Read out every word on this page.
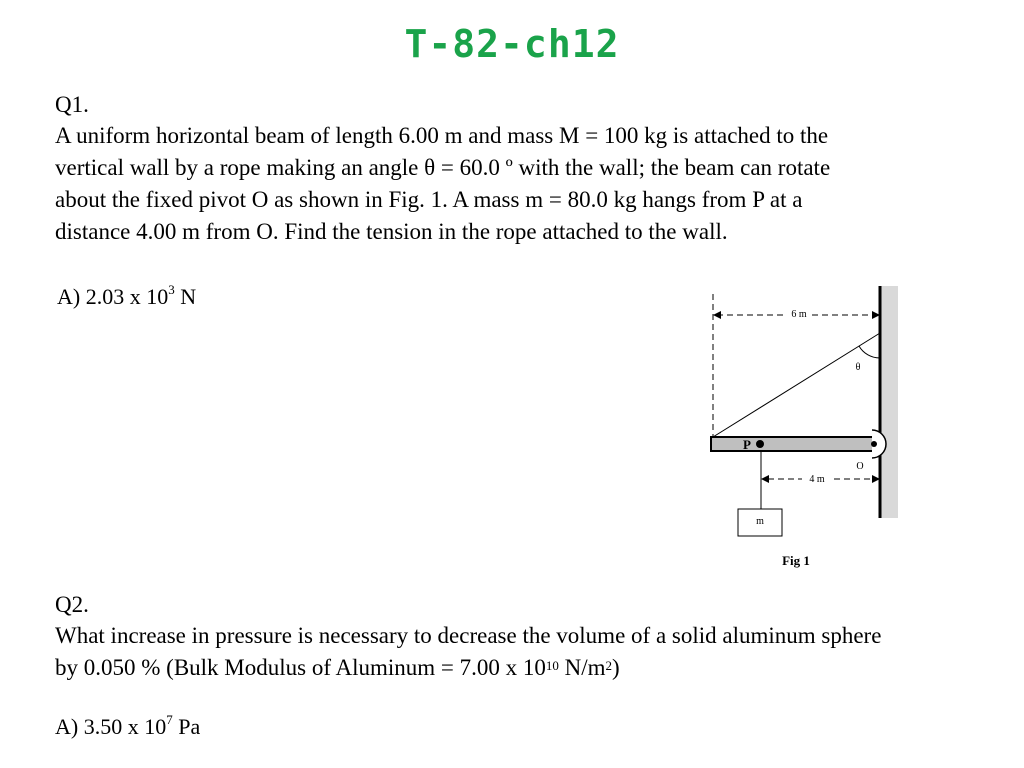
T-82-ch12
Q1.
A uniform horizontal beam of length 6.00 m and mass M = 100 kg is attached to the
vertical wall by a rope making an angle θ = 60.0 º with the wall; the beam can rotate
about the fixed pivot O as shown in Fig. 1. A mass m = 80.0 kg hangs from P at a
distance 4.00 m from O. Find the tension in the rope attached to the wall.
A) 2.03 x $10^3$ N
6 m
θ
O
P
m
4 m
Fig 1
Q2.
What increase in pressure is necessary to decrease the volume of a solid aluminum sphere
by 0.050 % (Bulk Modulus of Aluminum = 7.00 x $10^{10}$ $N/m^2$)
A) 3.50 x $10^7$ Pa
